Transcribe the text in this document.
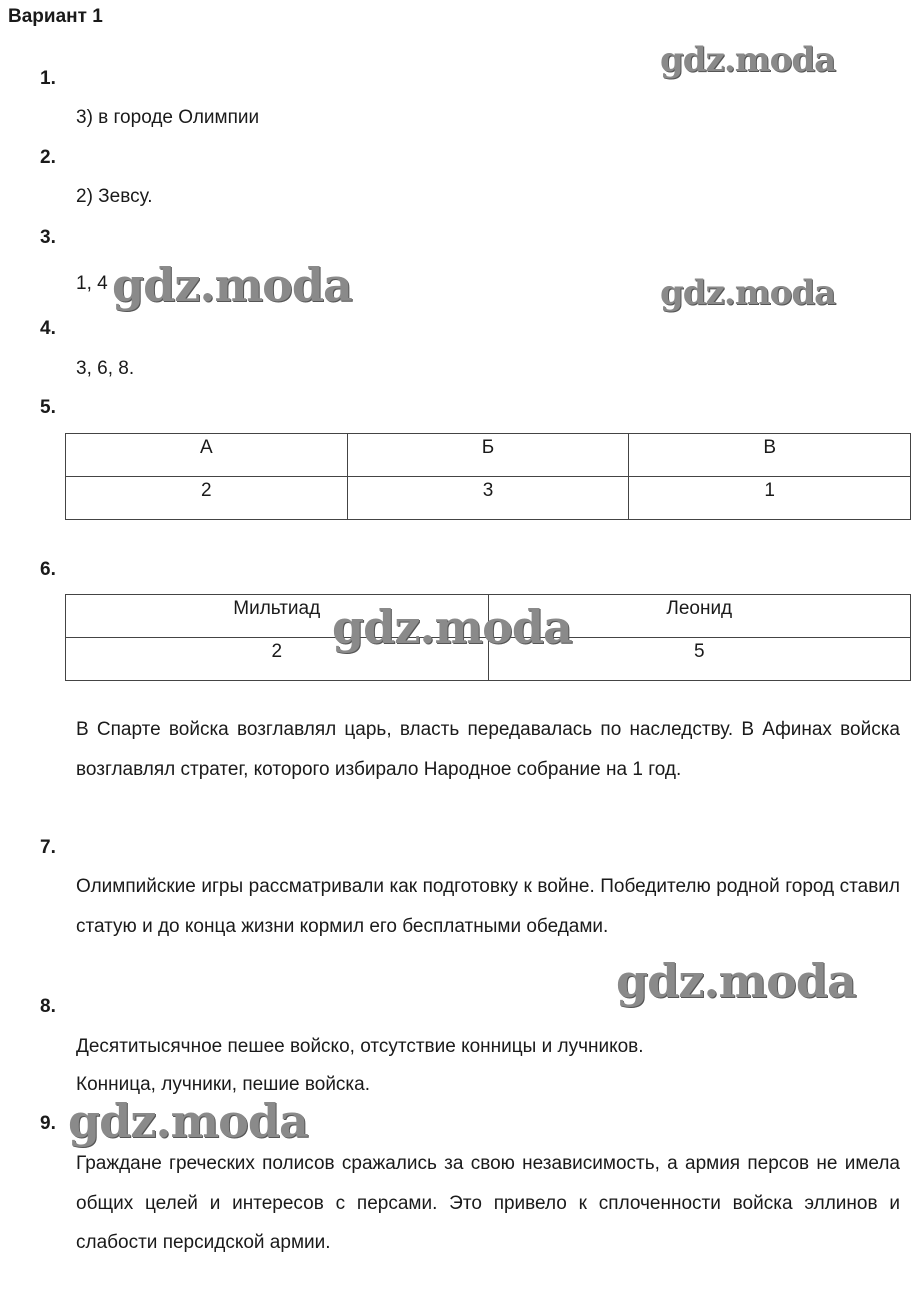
Вариант 1
1.
3) в городе Олимпии
2.
2) Зевсу.
3.
1, 4
4.
3, 6, 8.
5.
А	Б	В
2	3	1
6.
Мильтиад	Леонид
2	5
В Спарте войска возглавлял царь, власть передавалась по наследству. В Афинах войска возглавлял стратег, которого избирало Народное собрание на 1 год.
7.
Олимпийские игры рассматривали как подготовку к войне. Победителю родной город ставил статую и до конца жизни кормил его бесплатными обедами.
8.
Десятитысячное пешее войско, отсутствие конницы и лучников.
Конница, лучники, пешие войска.
9.
Граждане греческих полисов сражались за свою независимость, а армия персов не имела общих целей и интересов с персами. Это привело к сплоченности войска эллинов и слабости персидской армии.
gdz.moda
gdz.moda	gdz.moda
gdz.moda
gdz.moda
gdz.moda
